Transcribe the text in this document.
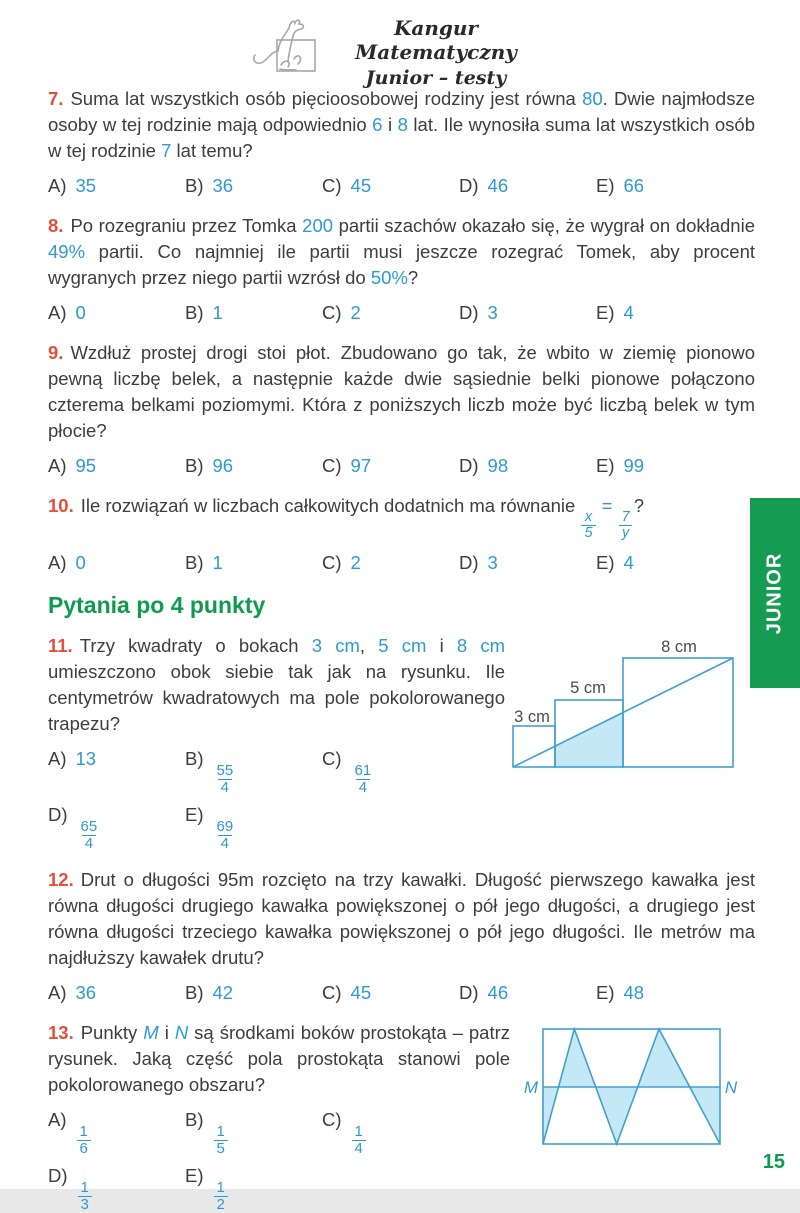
JUNIOR
Kangur Matematyczny
Junior – testy

7. Suma lat wszystkich osób pięcioosobowej rodziny jest równa 80. Dwie najmłodsze osoby w tej rodzinie mają odpowiednio 6 i 8 lat. Ile wynosiła suma lat wszystkich osób w tej rodzinie 7 lat temu?

A) 35	B) 36	C) 45	D) 46	E) 66

8. Po rozegraniu przez Tomka 200 partii szachów okazało się, że wygrał on dokładnie 49% partii. Co najmniej ile partii musi jeszcze rozegrać Tomek, aby procent wygranych przez niego partii wzrósł do 50%?

A) 0	B) 1	C) 2	D) 3	E) 4

9. Wzdłuż prostej drogi stoi płot. Zbudowano go tak, że wbito w ziemię pionowo pewną liczbę belek, a następnie każde dwie sąsiednie belki pionowe połączono czterema belkami poziomymi. Która z poniższych liczb może być liczbą belek w tym płocie?

A) 95	B) 96	C) 97	D) 98	E) 99

10. Ile rozwiązań w liczbach całkowitych dodatnich ma równanie
$\frac{x}{5}$
=
$\frac{7}{y}$
?

A) 0	B) 1	C) 2	D) 3	E) 4
Pytania po 4 punkty

11. Trzy kwadraty o bokach 3 cm, 5 cm i 8 cm umieszczono obok siebie tak jak na rysunku. Ile centymetrów kwadratowych ma pole pokolorowanego trapezu?

A) 13	B)
$\frac{55}{4}$
C)
$\frac{61}{4}$
D)
$\frac{65}{4}$
E)
$\frac{69}{4}$
3 cm
5 cm
8 cm

12. Drut o długości 95m rozcięto na trzy kawałki. Długość pierwszego kawałka jest równa długości drugiego kawałka powiększonej o pół jego długości, a drugiego jest równa długości trzeciego kawałka powiększonej o pół jego długości. Ile metrów ma najdłuższy kawałek drutu?

A) 36	B) 42	C) 45	D) 46	E) 48

13. Punkty M i N są środkami boków prostokąta – patrz rysunek. Jaką część pola prostokąta stanowi pole pokolorowanego obszaru?

A)
$\frac{1}{6}$
B)
$\frac{1}{5}$
C)
$\frac{1}{4}$
D)
$\frac{1}{3}$
E)
$\frac{1}{2}$
M	N
15
